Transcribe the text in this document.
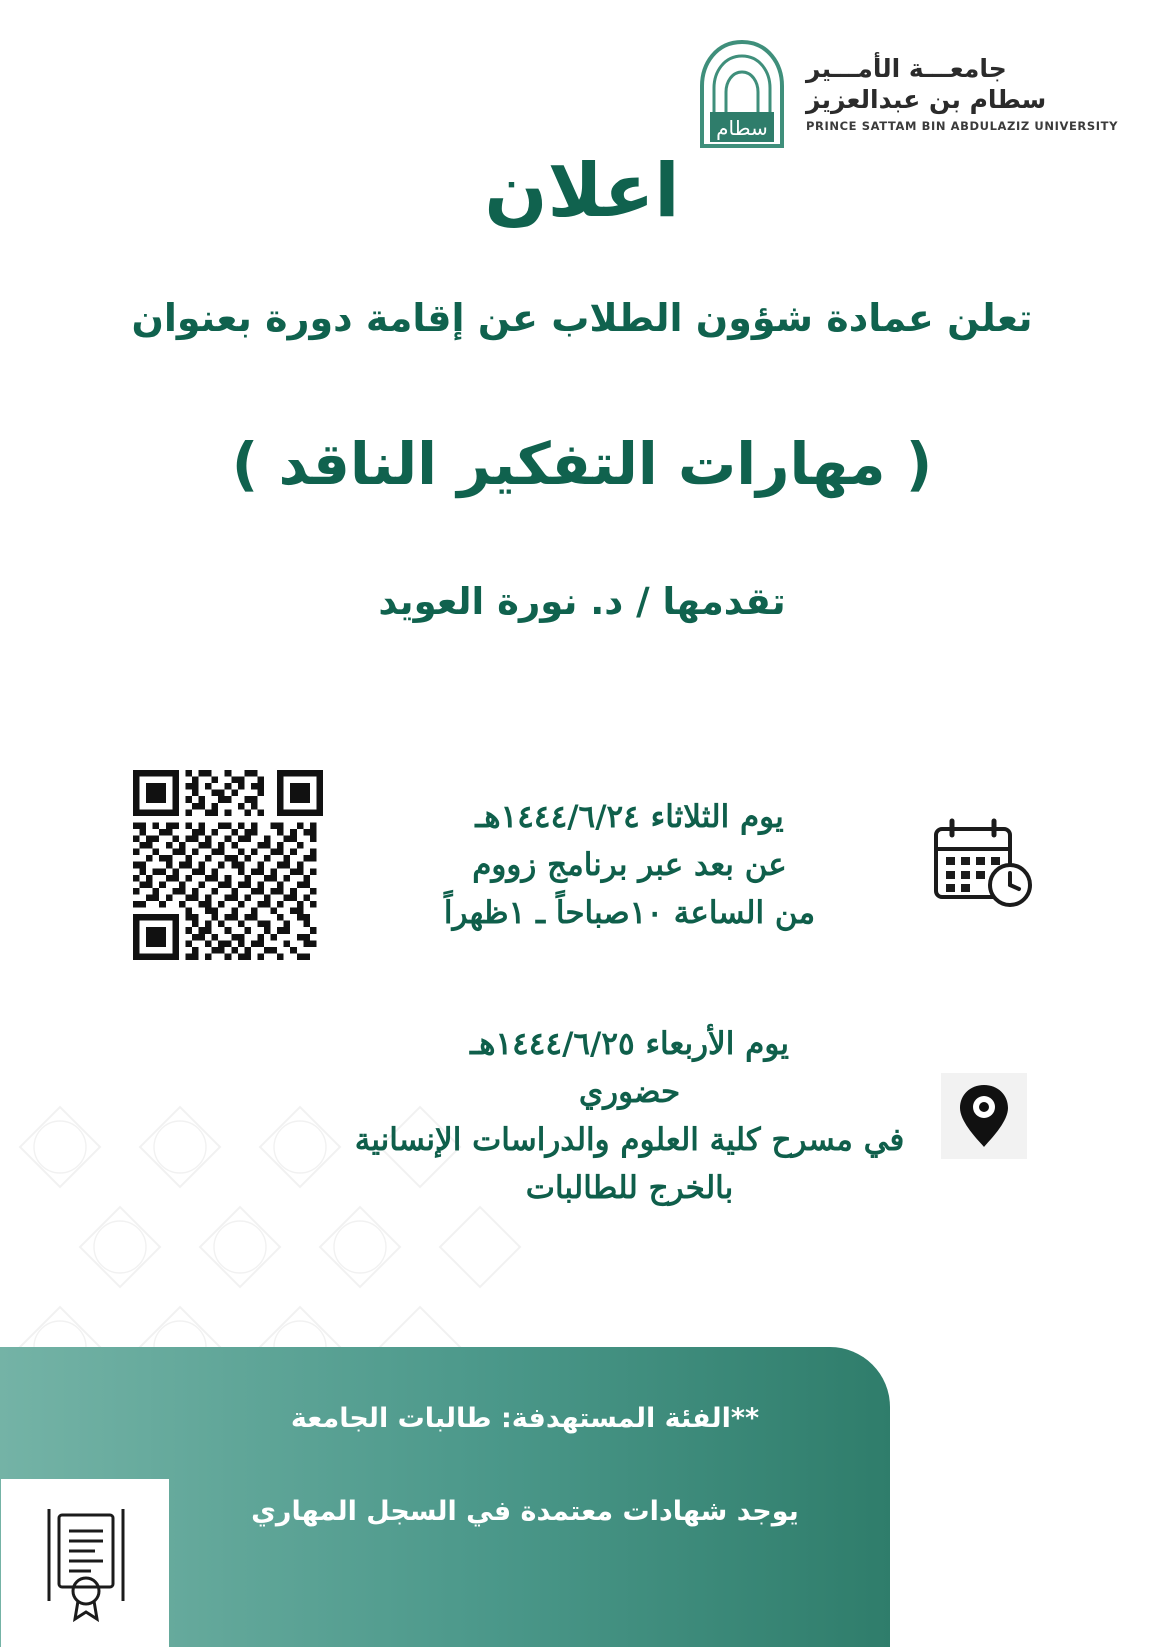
جامعـــة الأمـــير
سطام بن عبدالعزيز
PRINCE SATTAM BIN ABDULAZIZ UNIVERSITY
سطام
اعلان
تعلن عمادة شؤون الطلاب عن إقامة دورة بعنوان
( مهارات التفكير الناقد )
تقدمها / د. نورة العويد
يوم الثلاثاء ١٤٤٤/٦/٢٤هـ
عن بعد عبر برنامج زووم
من الساعة ١٠صباحاً ـ ١ظهراً
يوم الأربعاء ١٤٤٤/٦/٢٥هـ
حضوري
في مسرح كلية العلوم والدراسات الإنسانية بالخرج للطالبات
**الفئة المستهدفة: طالبات الجامعة
يوجد شهادات معتمدة في السجل المهاري
